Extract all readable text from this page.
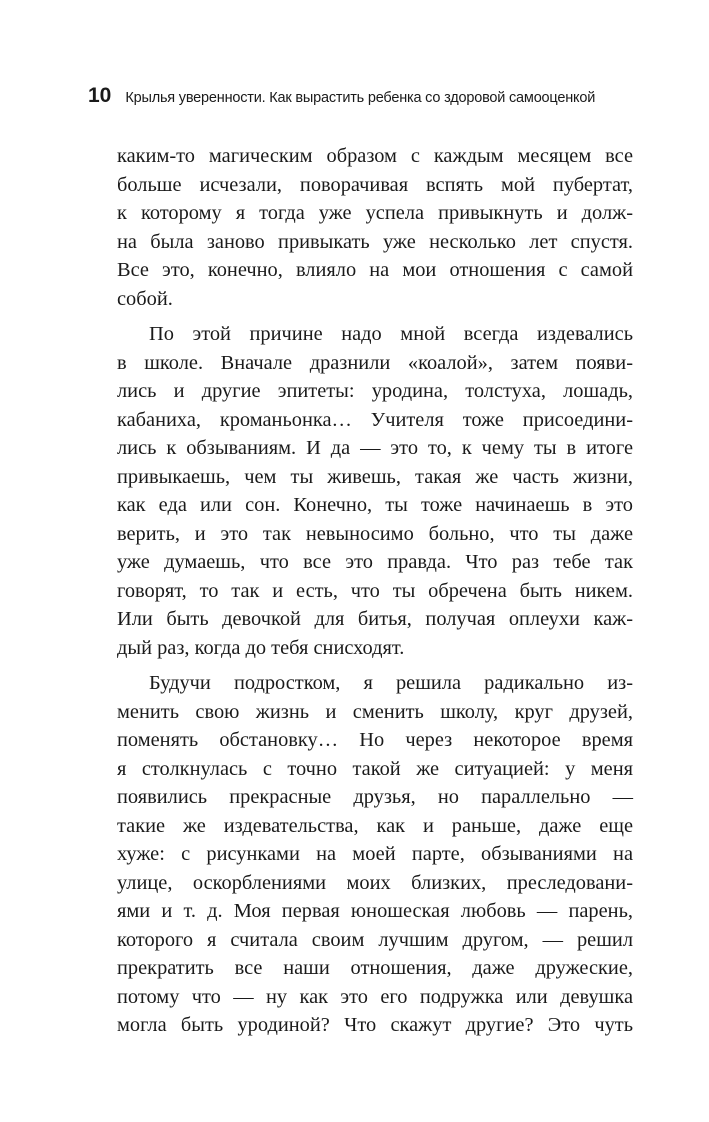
10 Крылья уверенности. Как вырастить ребенка со здоровой самооценкой

каким-то магическим образом с каждым месяцем все
больше исчезали, поворачивая вспять мой пубертат,
к которому я тогда уже успела привыкнуть и долж-
на была заново привыкать уже несколько лет спустя.
Все это, конечно, влияло на мои отношения с самой
собой.

По этой причине надо мной всегда издевались
в школе. Вначале дразнили «коалой», затем появи-
лись и другие эпитеты: уродина, толстуха, лошадь,
кабаниха, кроманьонка… Учителя тоже присоедини-
лись к обзываниям. И да — это то, к чему ты в итоге
привыкаешь, чем ты живешь, такая же часть жизни,
как еда или сон. Конечно, ты тоже начинаешь в это
верить, и это так невыносимо больно, что ты даже
уже думаешь, что все это правда. Что раз тебе так
говорят, то так и есть, что ты обречена быть никем.
Или быть девочкой для битья, получая оплеухи каж-
дый раз, когда до тебя снисходят.

Будучи подростком, я решила радикально из-
менить свою жизнь и сменить школу, круг друзей,
поменять обстановку… Но через некоторое время
я столкнулась с точно такой же ситуацией: у меня
появились прекрасные друзья, но параллельно —
такие же издевательства, как и раньше, даже еще
хуже: с рисунками на моей парте, обзываниями на
улице, оскорблениями моих близких, преследовани-
ями и т. д. Моя первая юношеская любовь — парень,
которого я считала своим лучшим другом, — решил
прекратить все наши отношения, даже дружеские,
потому что — ну как это его подружка или девушка
могла быть уродиной? Что скажут другие? Это чуть
